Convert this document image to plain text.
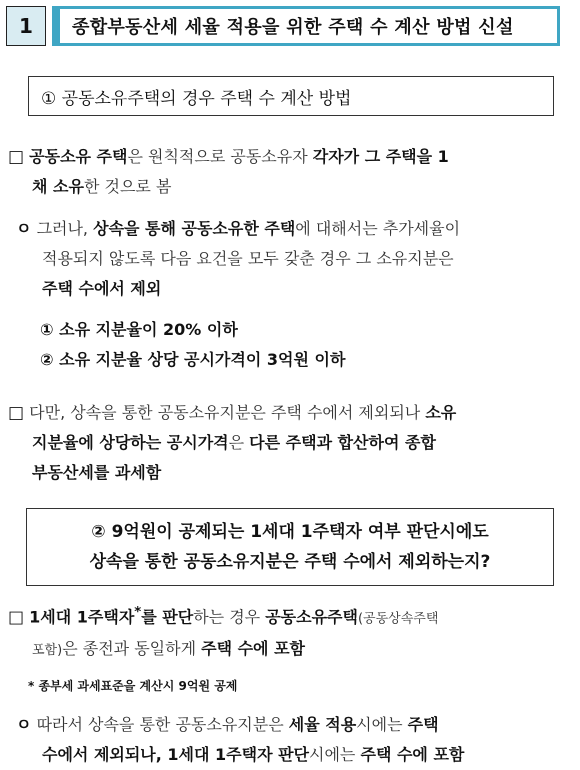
1	종합부동산세 세율 적용을 위한 주택 수 계산 방법 신설
① 공동소유주택의 경우 주택 수 계산 방법
□ 공동소유 주택은 원칙적으로 공동소유자 각자가 그 주택을 1
채 소유한 것으로 봄
ㅇ 그러나, 상속을 통해 공동소유한 주택에 대해서는 추가세율이
적용되지 않도록 다음 요건을 모두 갖춘 경우 그 소유지분은
주택 수에서 제외
① 소유 지분율이 20% 이하
② 소유 지분율 상당 공시가격이 3억원 이하
□ 다만, 상속을 통한 공동소유지분은 주택 수에서 제외되나 소유
지분율에 상당하는 공시가격은 다른 주택과 합산하여 종합
부동산세를 과세함
② 9억원이 공제되는 1세대 1주택자 여부 판단시에도
상속을 통한 공동소유지분은 주택 수에서 제외하는지?
□ 1세대 1주택자*를 판단하는 경우 공동소유주택(공동상속주택
포함)은 종전과 동일하게 주택 수에 포함
* 종부세 과세표준을 계산시 9억원 공제
ㅇ 따라서 상속을 통한 공동소유지분은 세율 적용시에는 주택
수에서 제외되나, 1세대 1주택자 판단시에는 주택 수에 포함
